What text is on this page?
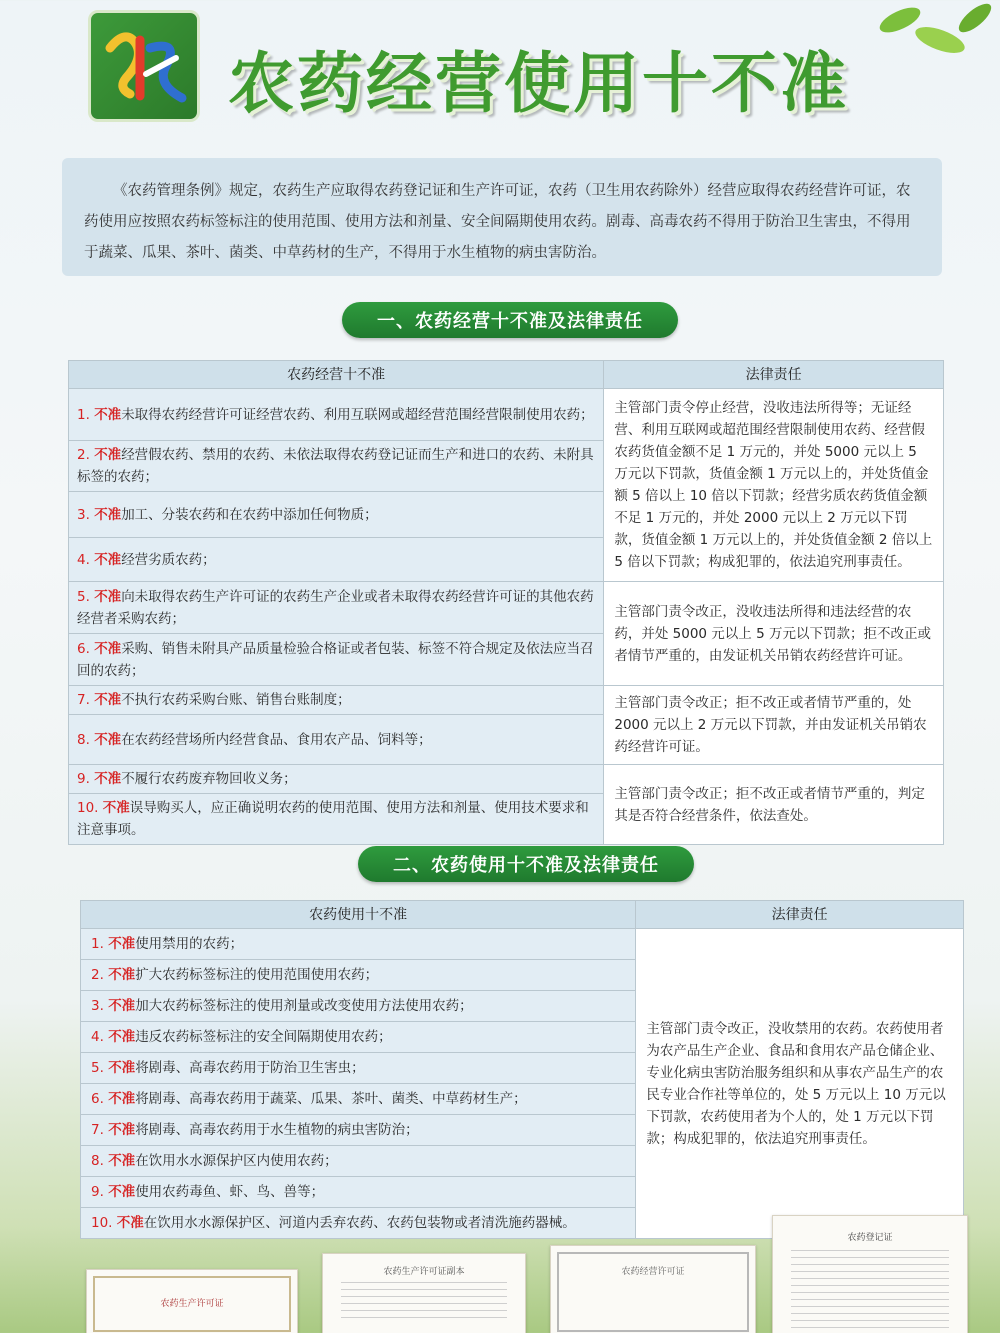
农药经营使用十不准
《农药管理条例》规定，农药生产应取得农药登记证和生产许可证，农药（卫生用农药除外）经营应取得农药经营许可证，农药使用应按照农药标签标注的使用范围、使用方法和剂量、安全间隔期使用农药。剧毒、高毒农药不得用于防治卫生害虫，不得用于蔬菜、瓜果、茶叶、菌类、中草药材的生产，不得用于水生植物的病虫害防治。
一、农药经营十不准及法律责任
农药经营十不准	法律责任
1. 不准未取得农药经营许可证经营农药、利用互联网或超经营范围经营限制使用农药；	主管部门责令停止经营，没收违法所得等；无证经营、利用互联网或超范围经营限制使用农药、经营假农药货值金额不足 1 万元的，并处 5000 元以上 5 万元以下罚款，货值金额 1 万元以上的，并处货值金额 5 倍以上 10 倍以下罚款；经营劣质农药货值金额不足 1 万元的，并处 2000 元以上 2 万元以下罚款，货值金额 1 万元以上的，并处货值金额 2 倍以上 5 倍以下罚款；构成犯罪的，依法追究刑事责任。
2. 不准经营假农药、禁用的农药、未依法取得农药登记证而生产和进口的农药、未附具标签的农药；	
3. 不准加工、分装农药和在农药中添加任何物质；	
4. 不准经营劣质农药；	
5. 不准向未取得农药生产许可证的农药生产企业或者未取得农药经营许可证的其他农药经营者采购农药；	主管部门责令改正，没收违法所得和违法经营的农药，并处 5000 元以上 5 万元以下罚款；拒不改正或者情节严重的，由发证机关吊销农药经营许可证。
6. 不准采购、销售未附具产品质量检验合格证或者包装、标签不符合规定及依法应当召回的农药；	
7. 不准不执行农药采购台账、销售台账制度；	主管部门责令改正；拒不改正或者情节严重的，处 2000 元以上 2 万元以下罚款，并由发证机关吊销农药经营许可证。
8. 不准在农药经营场所内经营食品、食用农产品、饲料等；	
9. 不准不履行农药废弃物回收义务；	主管部门责令改正；拒不改正或者情节严重的，判定其是否符合经营条件，依法查处。
10. 不准误导购买人，应正确说明农药的使用范围、使用方法和剂量、使用技术要求和注意事项。	
二、农药使用十不准及法律责任
农药使用十不准	法律责任
1. 不准使用禁用的农药；	主管部门责令改正，没收禁用的农药。农药使用者为农产品生产企业、食品和食用农产品仓储企业、专业化病虫害防治服务组织和从事农产品生产的农民专业合作社等单位的，处 5 万元以上 10 万元以下罚款，农药使用者为个人的，处 1 万元以下罚款；构成犯罪的，依法追究刑事责任。
2. 不准扩大农药标签标注的使用范围使用农药；	
3. 不准加大农药标签标注的使用剂量或改变使用方法使用农药；	
4. 不准违反农药标签标注的安全间隔期使用农药；	
5. 不准将剧毒、高毒农药用于防治卫生害虫；	
6. 不准将剧毒、高毒农药用于蔬菜、瓜果、茶叶、菌类、中草药材生产；	
7. 不准将剧毒、高毒农药用于水生植物的病虫害防治；	
8. 不准在饮用水水源保护区内使用农药；	
9. 不准使用农药毒鱼、虾、鸟、兽等；	
10. 不准在饮用水水源保护区、河道内丢弃农药、农药包装物或者清洗施药器械。	
农药生产许可证
农药生产许可证副本	农药经营许可证
农药登记证
